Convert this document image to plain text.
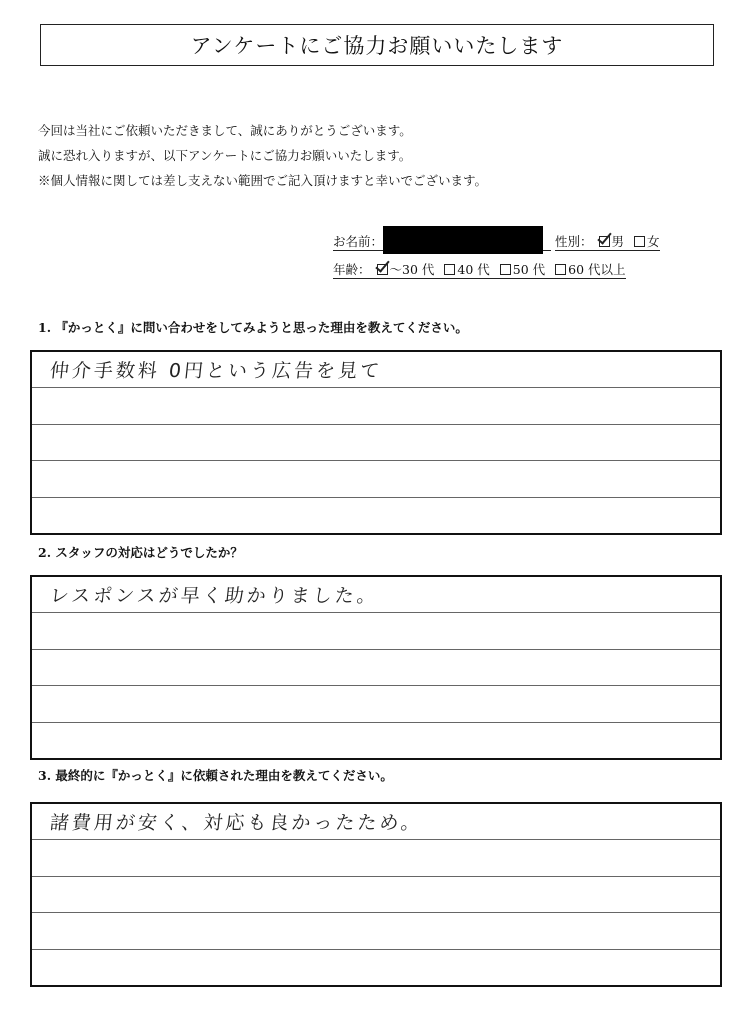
アンケートにご協力お願いいたします
今回は当社にご依頼いただきまして、誠にありがとうございます。
誠に恐れ入りますが、以下アンケートにご協力お願いいたします。
※個人情報に関しては差し支えない範囲でご記入頂けますと幸いでございます。
お名前：	性別： 男 女
年齢： ～30 代 40 代 50 代 60 代以上
1. 『かっとく』に問い合わせをしてみようと思った理由を教えてください。
仲介手数料 0円という広告を見て
2. スタッフの対応はどうでしたか？
レスポンスが早く助かりました。
3. 最終的に『かっとく』に依頼された理由を教えてください。
諸費用が安く、対応も良かったため。
